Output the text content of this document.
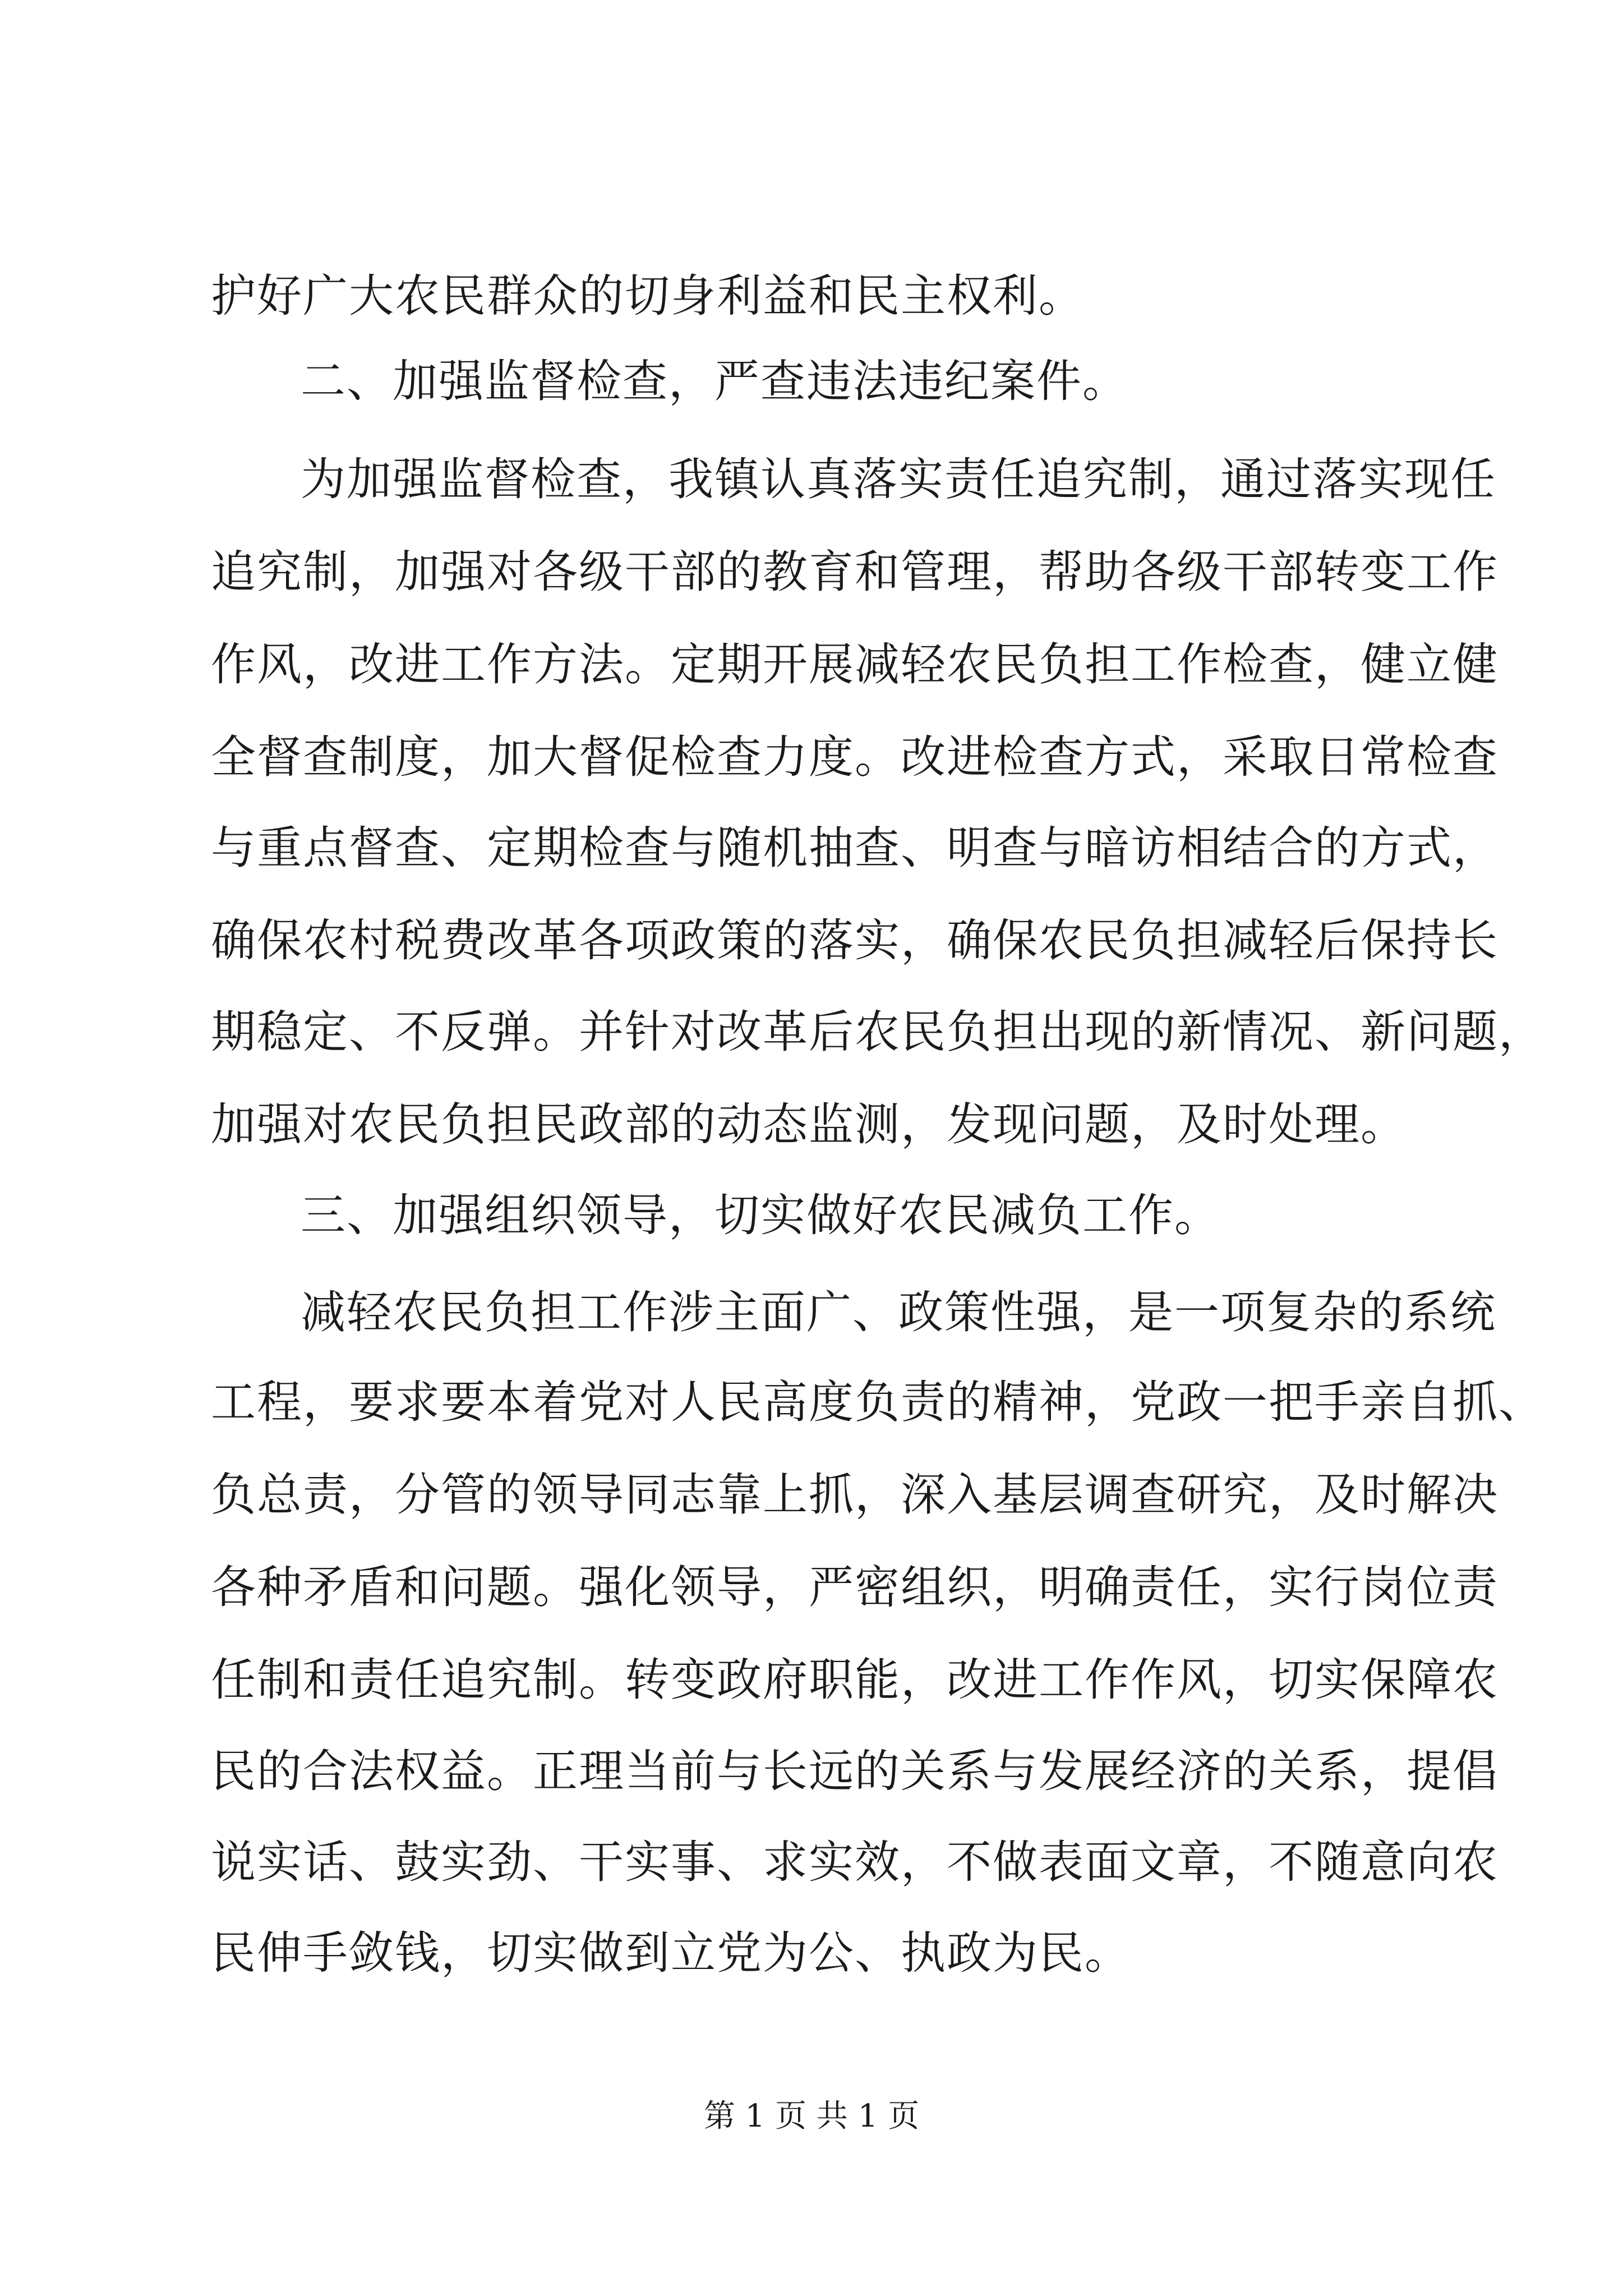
护好广大农民群众的切身利益和民主权利。
二、加强监督检查，严查违法违纪案件。
为加强监督检查，我镇认真落实责任追究制，通过落实现任
追究制，加强对各级干部的教育和管理，帮助各级干部转变工作
作风，改进工作方法。定期开展减轻农民负担工作检查，健立健
全督查制度，加大督促检查力度。改进检查方式，采取日常检查
与重点督查、定期检查与随机抽查、明查与暗访相结合的方式，
确保农村税费改革各项政策的落实，确保农民负担减轻后保持长
期稳定、不反弹。并针对改革后农民负担出现的新情况、新问题，
加强对农民负担民政部的动态监测，发现问题，及时处理。
三、加强组织领导，切实做好农民减负工作。
减轻农民负担工作涉主面广、政策性强，是一项复杂的系统
工程，要求要本着党对人民高度负责的精神，党政一把手亲自抓、
负总责，分管的领导同志靠上抓，深入基层调查研究，及时解决
各种矛盾和问题。强化领导，严密组织，明确责任，实行岗位责
任制和责任追究制。转变政府职能，改进工作作风，切实保障农
民的合法权益。正理当前与长远的关系与发展经济的关系，提倡
说实话、鼓实劲、干实事、求实效，不做表面文章，不随意向农
民伸手敛钱，切实做到立党为公、执政为民。
第 1 页 共 1 页
